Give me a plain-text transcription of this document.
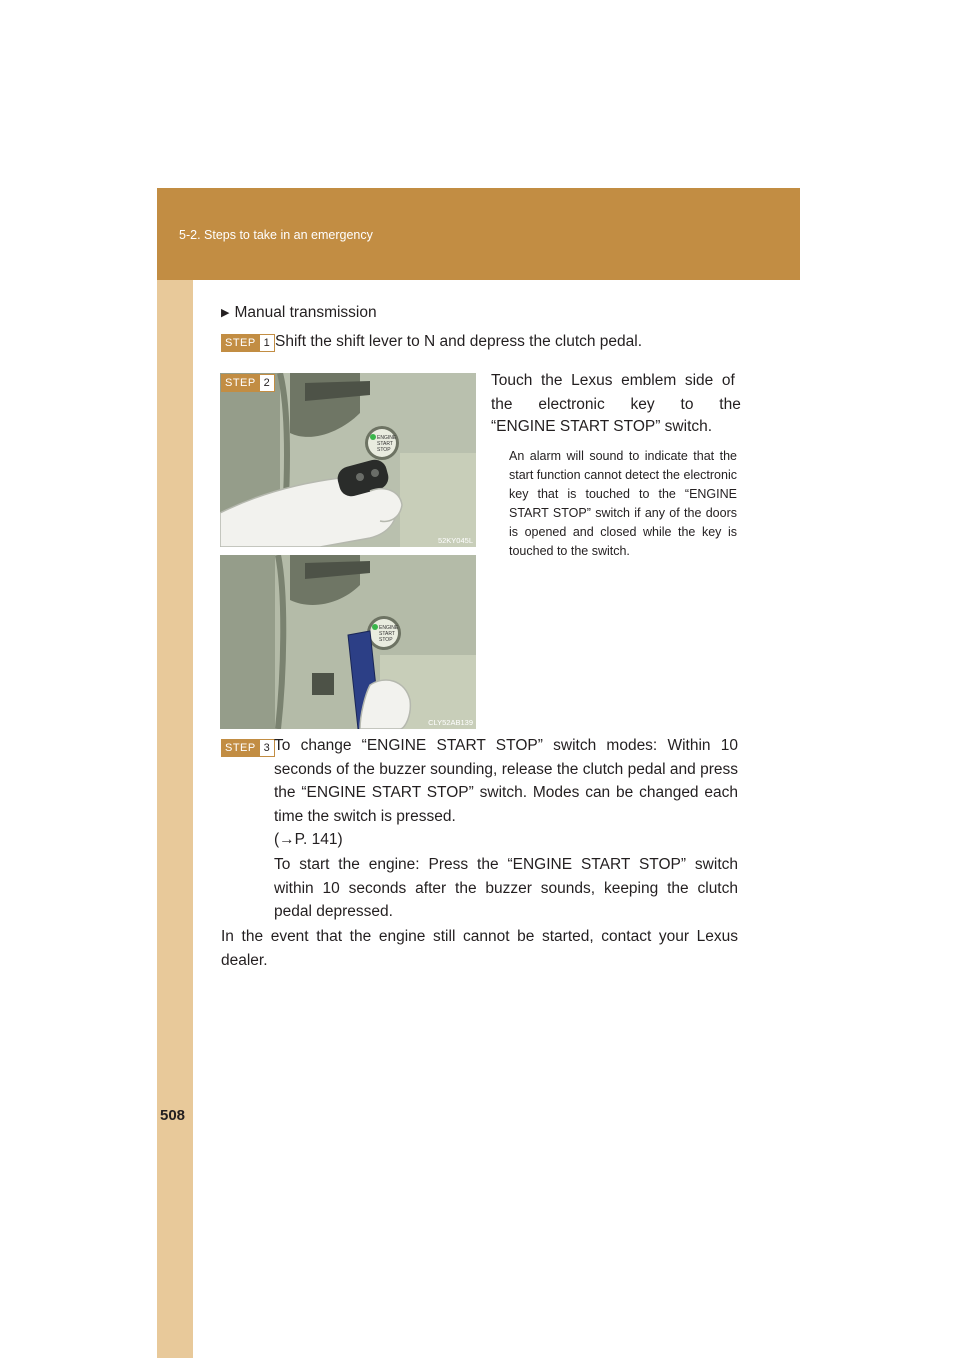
5-2. Steps to take in an emergency
▶ Manual transmission
STEP 1 Shift the shift lever to N and depress the clutch pedal.
STEP 2
ENGINE
START
STOP
52KY045L
ENGINE
START
STOP
CLY52AB139
Touch  the  Lexus  emblem  side  of
the      electronic      key      to      the
“ENGINE START STOP” switch.
An alarm will sound to indicate that the start function cannot detect the electronic key that is touched to the “ENGINE START STOP” switch if any of the doors is opened and closed while the key is touched to the switch.
STEP 3 To change “ENGINE START STOP” switch modes: Within 10 seconds of the buzzer sounding, release the clutch pedal and press the “ENGINE START STOP” switch. Modes can be changed each time the switch is pressed.
(→P. 141)
To start the engine: Press the “ENGINE START STOP” switch within 10 seconds after the buzzer sounds, keeping the clutch pedal depressed.
In the event that the engine still cannot be started, contact your Lexus dealer.
508
